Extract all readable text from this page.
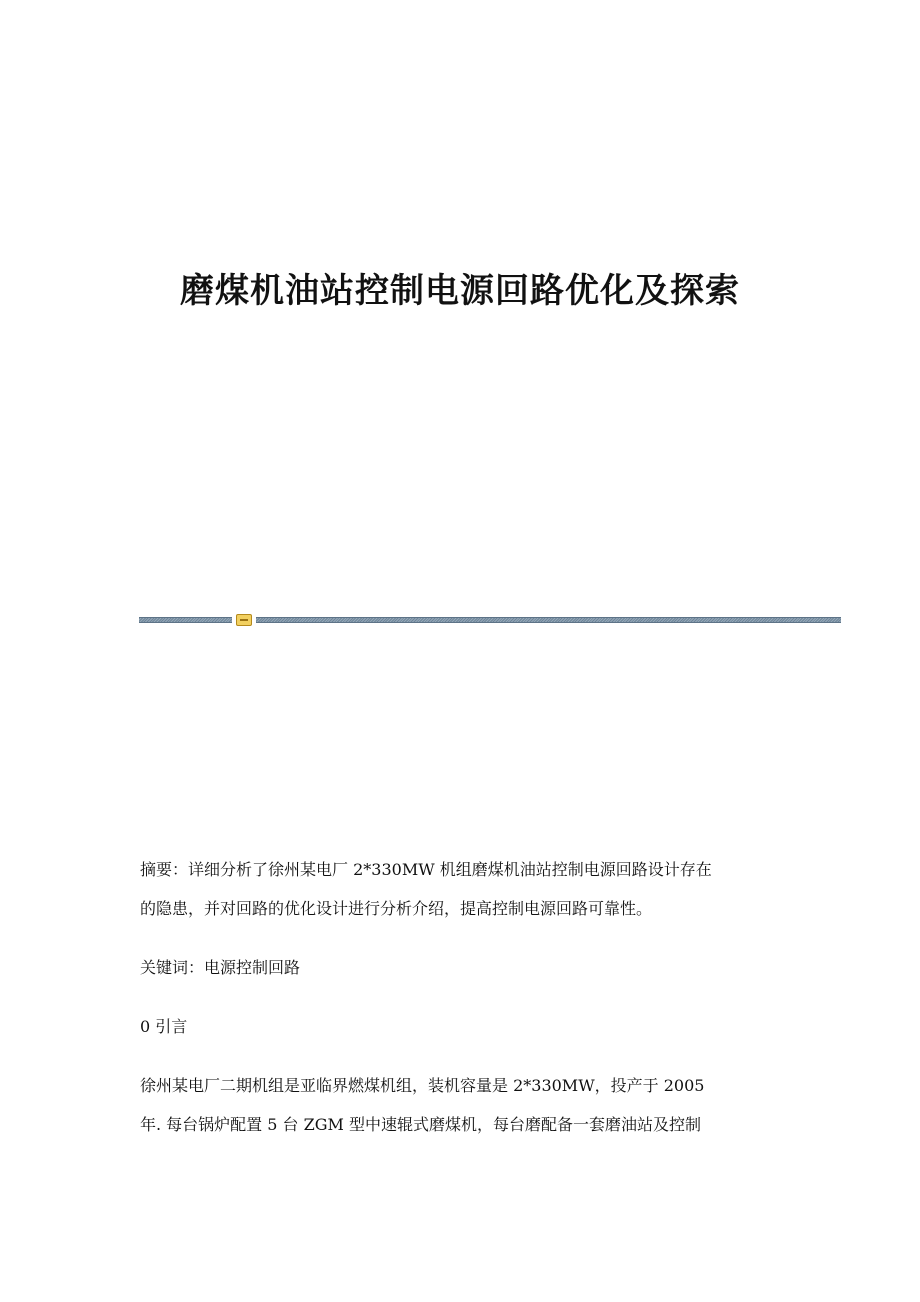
磨煤机油站控制电源回路优化及探索

摘要：详细分析了徐州某电厂 2*330MW 机组磨煤机油站控制电源回路设计存在

的隐患，并对回路的优化设计进行分析介绍，提高控制电源回路可靠性。

关键词：电源控制回路

0 引言

徐州某电厂二期机组是亚临界燃煤机组，装机容量是 2*330MW，投产于 2005

年. 每台锅炉配置 5 台 ZGM 型中速辊式磨煤机，每台磨配备一套磨油站及控制
